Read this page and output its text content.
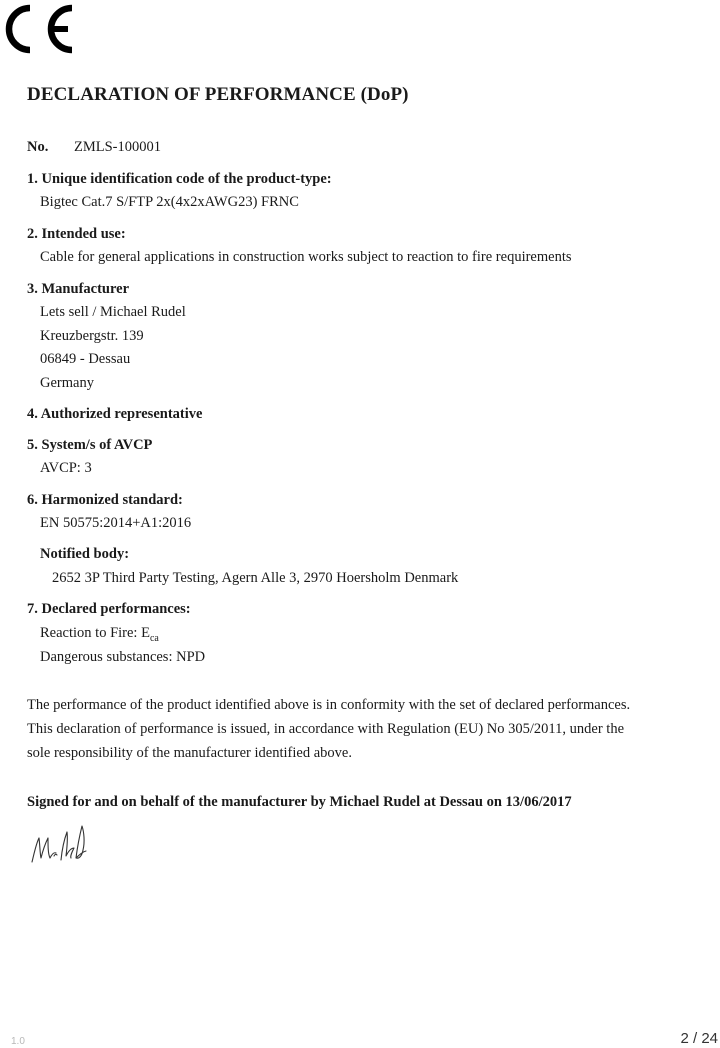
DECLARATION OF PERFORMANCE (DoP)
No. ZMLS-100001
1. Unique identification code of the product-type:
Bigtec Cat.7 S/FTP 2x(4x2xAWG23) FRNC
2. Intended use:
Cable for general applications in construction works subject to reaction to fire requirements
3. Manufacturer
Lets sell / Michael Rudel
Kreuzbergstr. 139
06849 - Dessau
Germany
4. Authorized representative
5. System/s of AVCP
AVCP: 3
6. Harmonized standard:
EN 50575:2014+A1:2016
Notified body:
2652 3P Third Party Testing, Agern Alle 3, 2970 Hoersholm Denmark
7. Declared performances:
Reaction to Fire: $E_{ca}$
Dangerous substances: NPD
The performance of the product identified above is in conformity with the set of declared performances.
This declaration of performance is issued, in accordance with Regulation (EU) No 305/2011, under the
sole responsibility of the manufacturer identified above.
Signed for and on behalf of the manufacturer by Michael Rudel at Dessau on 13/06/2017
1.0	2 / 24
